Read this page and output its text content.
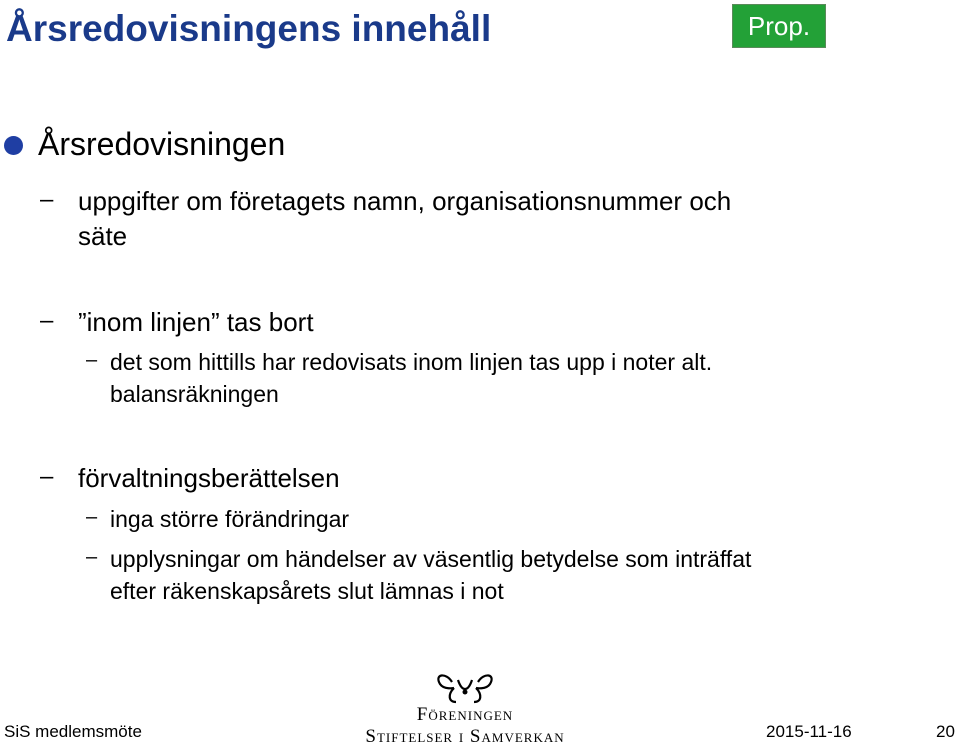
Årsredovisningens innehåll	Prop.
Årsredovisningen
– uppgifter om företagets namn, organisationsnummer och
säte
– ”inom linjen” tas bort
– det som hittills har redovisats inom linjen tas upp i noter alt.
balansräkningen
– förvaltningsberättelsen
– inga större förändringar
– upplysningar om händelser av väsentlig betydelse som inträffat
efter räkenskapsårets slut lämnas i not
Föreningen
Stiftelser i Samverkan
SiS medlemsmöte	2015-11-16	20
